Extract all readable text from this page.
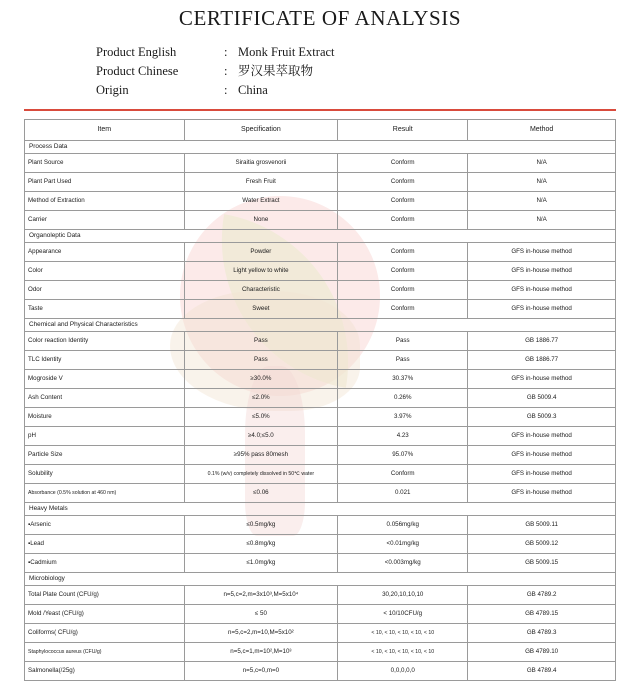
CERTIFICATE OF ANALYSIS
Product English	: Monk Fruit Extract
Product Chinese	: 罗汉果萃取物
Origin	: China
Item	Specification	Result	Method
Process Data			
Plant Source	Siraitia grosvenorii	Conform	N/A
Plant Part Used	Fresh Fruit	Conform	N/A
Method of Extraction	Water Extract	Conform	N/A
Carrier	None	Conform	N/A
Organoleptic Data			
Appearance	Powder	Conform	GFS in-house method
Color	Light yellow to white	Conform	GFS in-house method
Odor	Characteristic	Conform	GFS in-house method
Taste	Sweet	Conform	GFS in-house method
Chemical and Physical Characteristics			
Color reaction Identity	Pass	Pass	GB 1886.77
TLC Identity	Pass	Pass	GB 1886.77
Mogroside V	≥30.0%	30.37%	GFS in-house method
Ash Content	≤2.0%	0.26%	GB 5009.4
Moisture	≤5.0%	3.97%	GB 5009.3
pH	≥4.0;≤5.0	4.23	GFS in-house method
Particle Size	≥95% pass 80mesh	95.07%	GFS in-house method
Solubility	0.1% (w/v) completely dissolved in 50℃ water	Conform	GFS in-house method
Absorbance (0.5% solution at 460 nm)	≤0.06	0.021	GFS in-house method
Heavy Metals			
▪Arsenic	≤0.5mg/kg	0.056mg/kg	GB 5009.11
▪Lead	≤0.8mg/kg	<0.01mg/kg	GB 5009.12
▪Cadmium	≤1.0mg/kg	<0.003mg/kg	GB 5009.15
Microbiology			
Total Plate Count (CFU/g)	n=5,c=2,m=3x10³,M=5x10⁴	30,20,10,10,10	GB 4789.2
Mold /Yeast (CFU/g)	≤ 50	< 10/10CFU/g	GB 4789.15
Coliforms( CFU/g)	n=5,c=2,m=10,M=5x10²	< 10, < 10, < 10, < 10, < 10	GB 4789.3
Staphylococcus aureus (CFU/g)	n=5,c=1,m=10²,M=10³	< 10, < 10, < 10, < 10, < 10	GB 4789.10
Salmonella(/25g)	n=5,c=0,m=0	0,0,0,0,0	GB 4789.4
